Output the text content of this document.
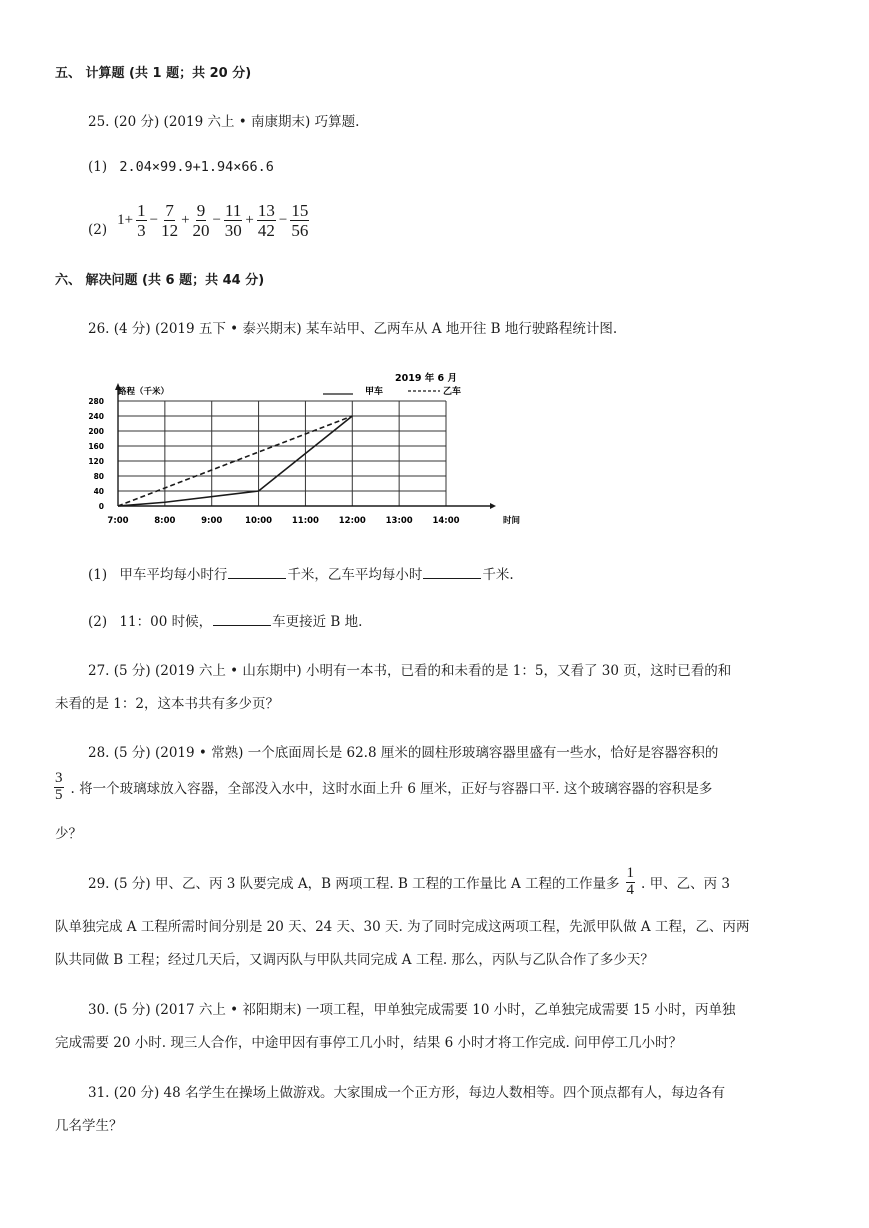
五、 计算题 (共 1 题；共 20 分)
25. (20 分) (2019 六上 • 南康期末) 巧算题.
(1) 2.04×99.9+1.94×66.6
(2)
$1+ \frac{1}{3} - \frac{7}{12} + \frac{9}{20} - \frac{11}{30} + \frac{13}{42} - \frac{15}{56}$
六、 解决问题 (共 6 题；共 44 分)
26. (4 分) (2019 五下 • 泰兴期末) 某车站甲、乙两车从 A 地开往 B 地行驶路程统计图.
0
40
80
120
160
200
240
280
7:00	8:00	9:00	10:00 11:00 12:00 13:00 14:00
2019 年 6 月
路程（千米）
时间
甲车	乙车
(1) 甲车平均每小时行	千米，乙车平均每小时	千米.
(2) 11：00 时候，	车更接近 B 地.
27. (5 分) (2019 六上 • 山东期中) 小明有一本书，已看的和未看的是 1：5，又看了 30 页，这时已看的和
未看的是 1：2，这本书共有多少页？
28. (5 分) (2019 • 常熟) 一个底面周长是 62.8 厘米的圆柱形玻璃容器里盛有一些水，恰好是容器容积的
$\frac{3}{5}$ . 将一个玻璃球放入容器，全部没入水中，这时水面上升 6 厘米，正好与容器口平. 这个玻璃容器的容积是多
少？
29. (5 分) 甲、乙、丙 3 队要完成 A，B 两项工程. B 工程的工作量比 A 工程的工作量多 $\frac{1}{4}$ . 甲、乙、丙 3
队单独完成 A 工程所需时间分别是 20 天、24 天、30 天. 为了同时完成这两项工程，先派甲队做 A 工程，乙、丙两
队共同做 B 工程；经过几天后，又调丙队与甲队共同完成 A 工程. 那么，丙队与乙队合作了多少天？
30. (5 分) (2017 六上 • 祁阳期末) 一项工程，甲单独完成需要 10 小时，乙单独完成需要 15 小时，丙单独
完成需要 20 小时. 现三人合作，中途甲因有事停工几小时，结果 6 小时才将工作完成. 问甲停工几小时？
31. (20 分) 48 名学生在操场上做游戏。大家围成一个正方形，每边人数相等。四个顶点都有人，每边各有
几名学生？
